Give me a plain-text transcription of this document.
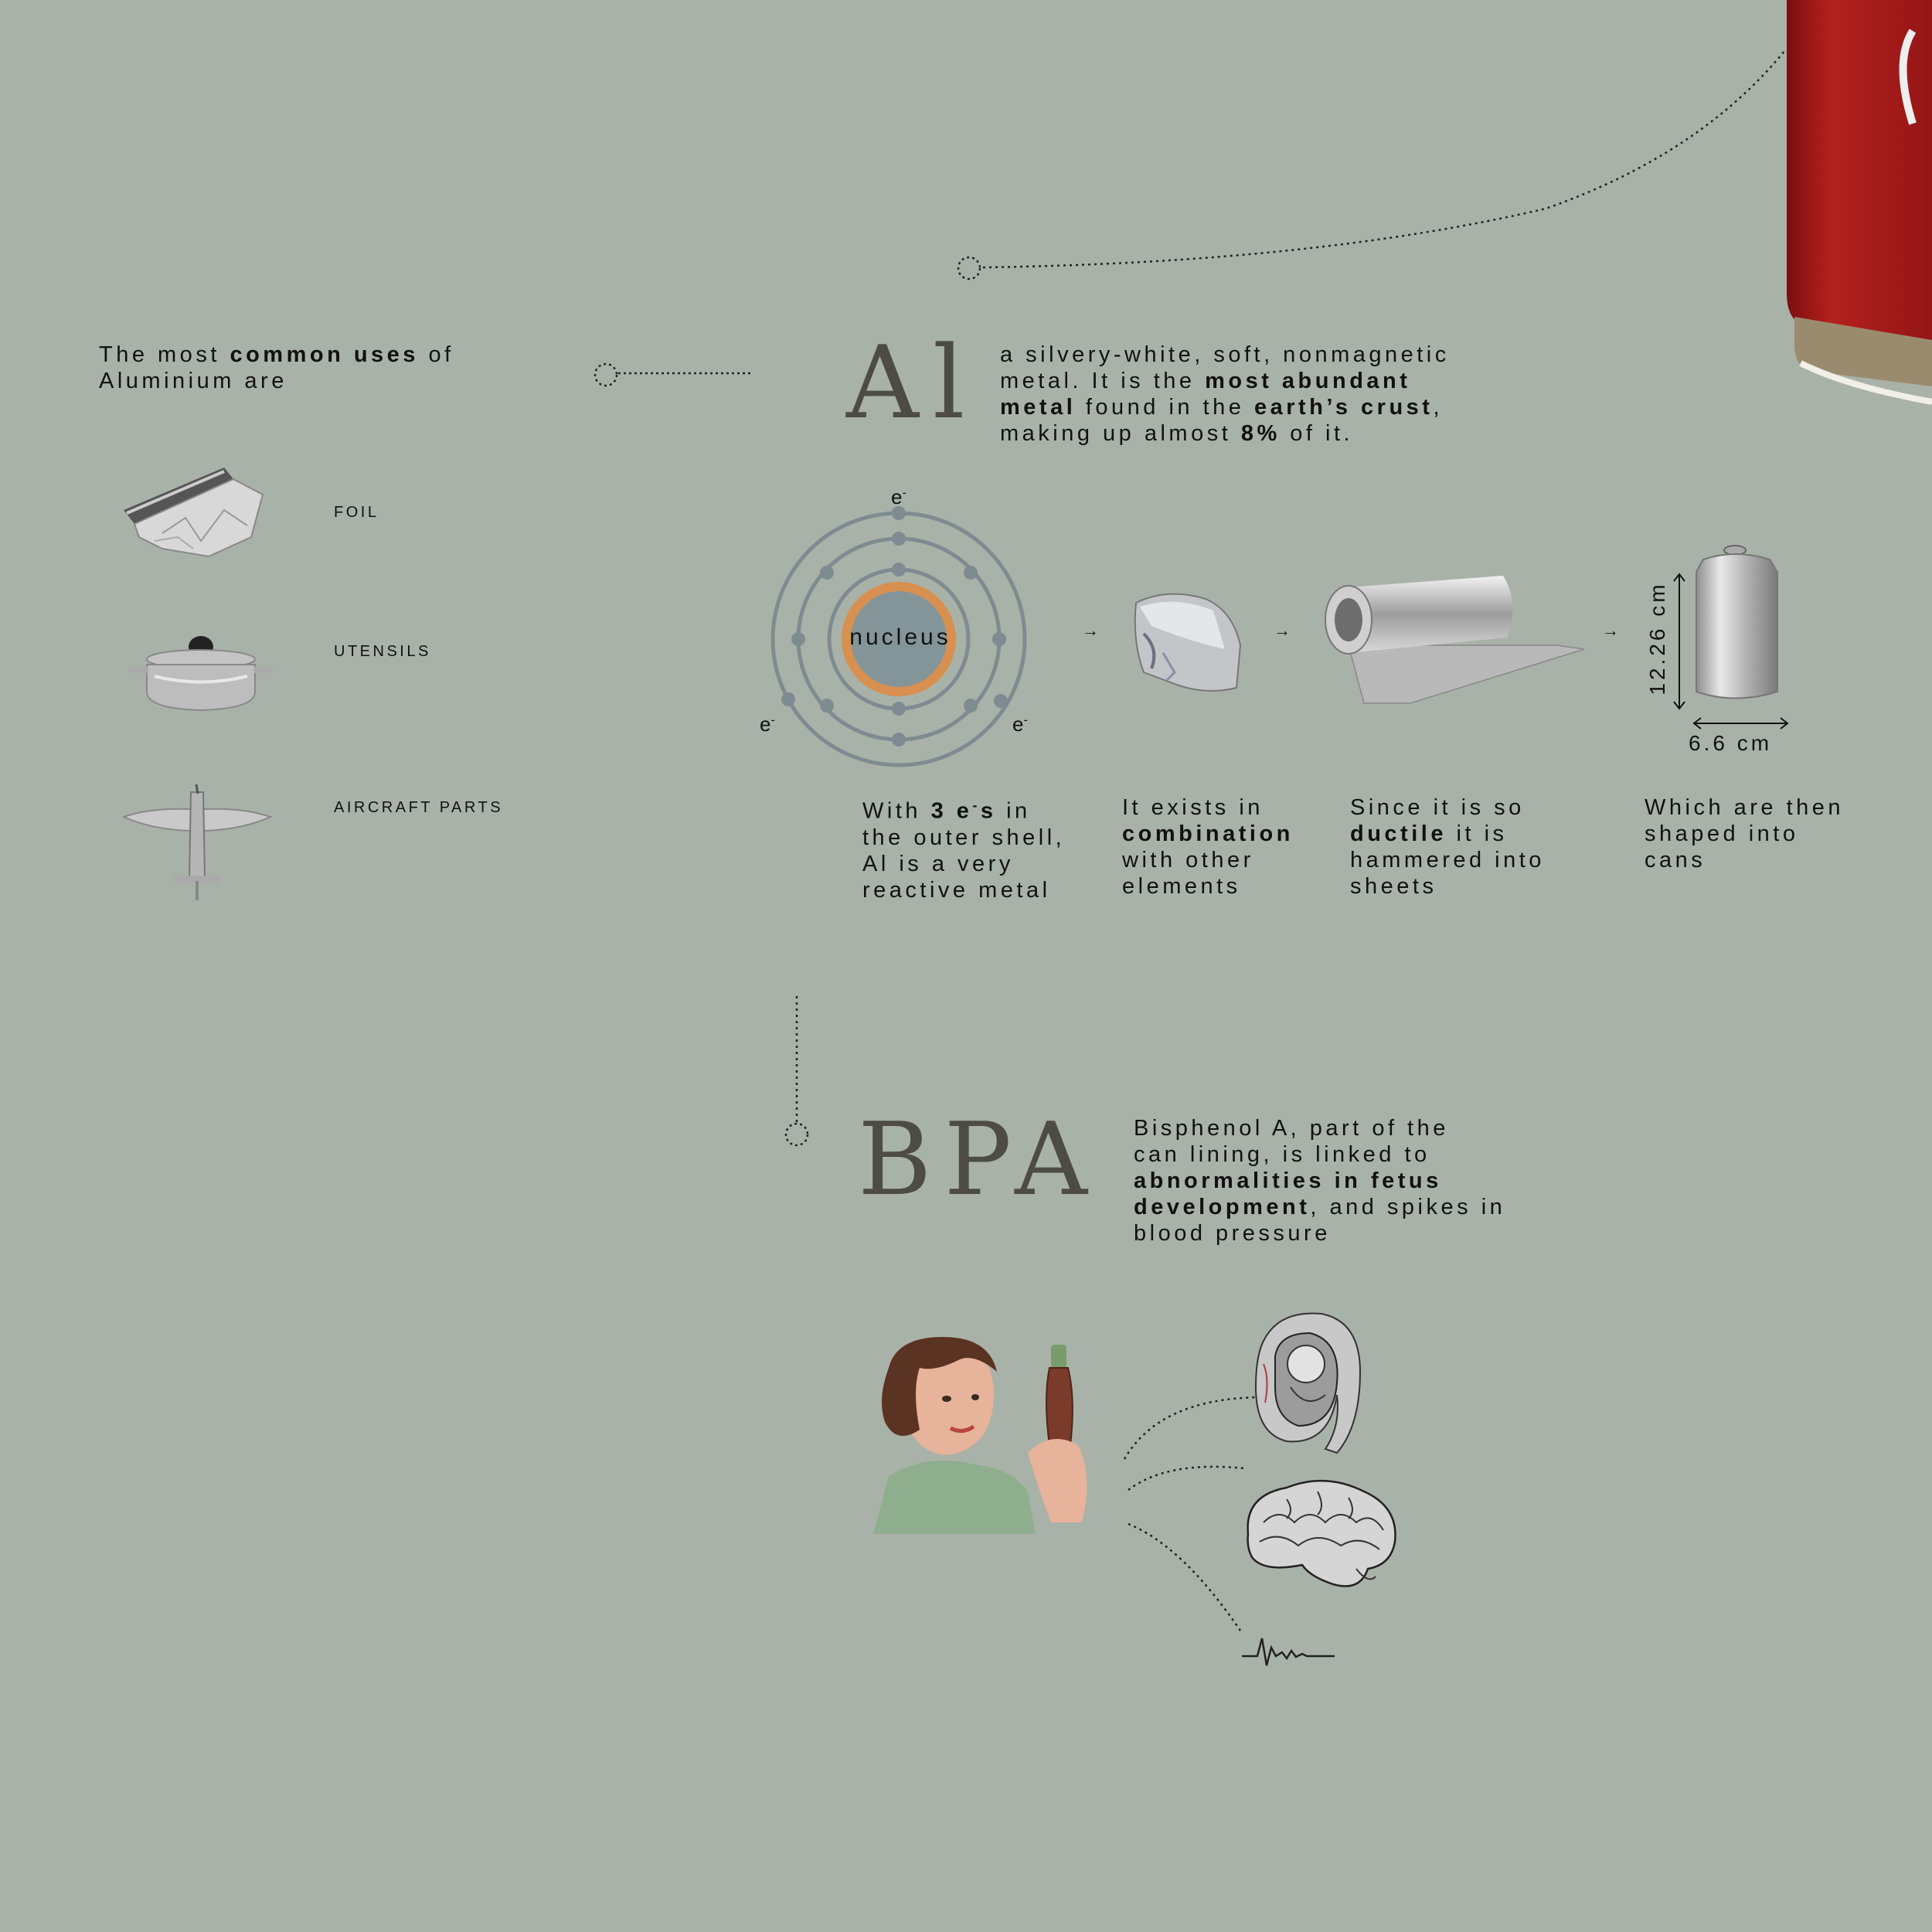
The most common uses of
Aluminium are
FOIL
UTENSILS
AIRCRAFT PARTS
Al a silvery-white, soft, nonmagnetic
metal. It is the most abundant
metal found in the earth’s crust,
making up almost 8% of it.
nucleus
e-
e-	e-
→	→	→ 12.26 cm
6.6 cm
With 3 e-s in
the outer shell,
Al is a very
reactive metal
It exists in
combination
with other
elements
Since it is so
ductile it is
hammered into
sheets
Which are then
shaped into
cans
BPA Bisphenol A, part of the
can lining, is linked to
abnormalities in fetus
development, and spikes in
blood pressure
